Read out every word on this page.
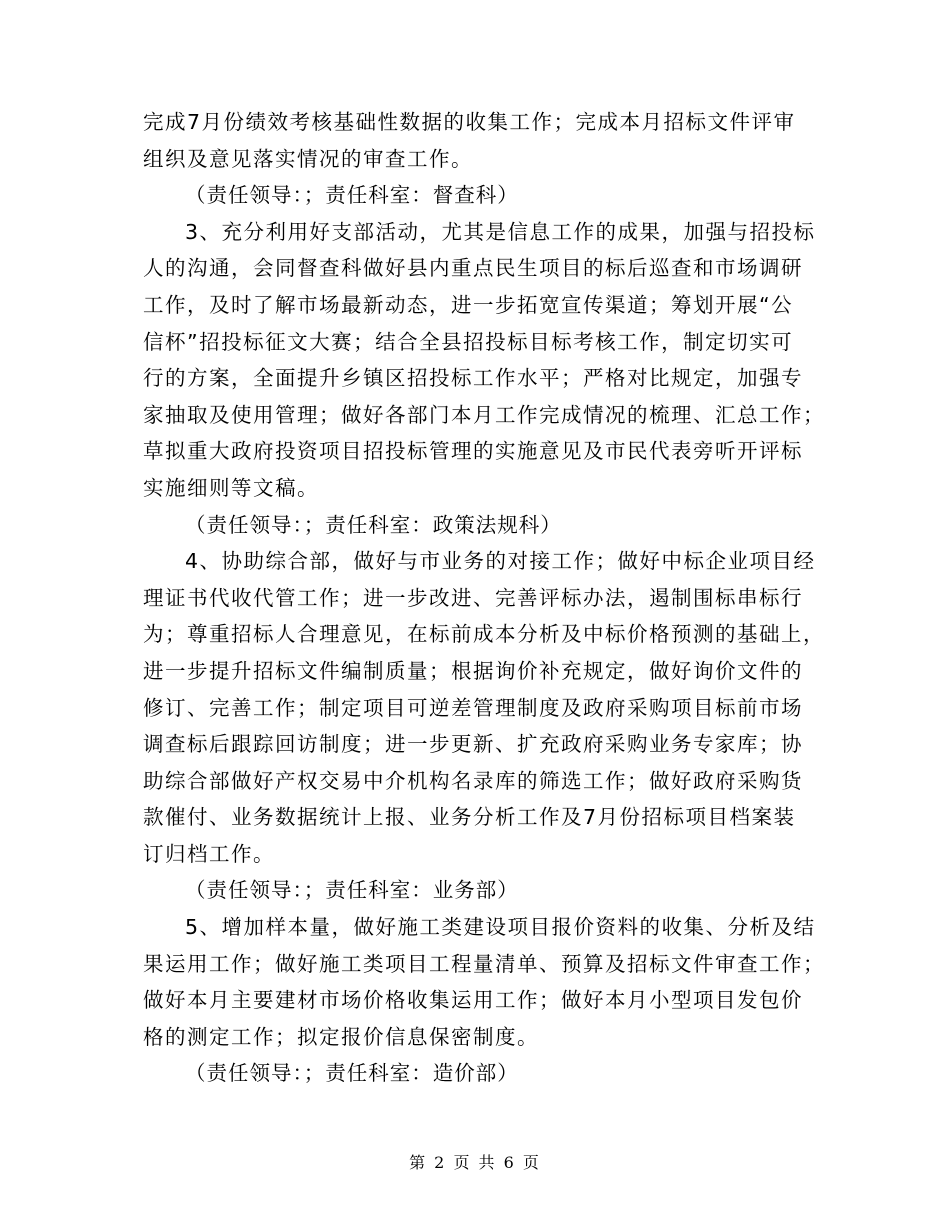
完成7月份绩效考核基础性数据的收集工作；完成本月招标文件评审
组织及意见落实情况的审查工作。
（责任领导：；责任科室：督查科）
3、充分利用好支部活动，尤其是信息工作的成果，加强与招投标
人的沟通，会同督查科做好县内重点民生项目的标后巡查和市场调研
工作，及时了解市场最新动态，进一步拓宽宣传渠道；筹划开展“公
信杯”招投标征文大赛；结合全县招投标目标考核工作，制定切实可
行的方案，全面提升乡镇区招投标工作水平；严格对比规定，加强专
家抽取及使用管理；做好各部门本月工作完成情况的梳理、汇总工作；
草拟重大政府投资项目招投标管理的实施意见及市民代表旁听开评标
实施细则等文稿。
（责任领导：；责任科室：政策法规科）
4、协助综合部，做好与市业务的对接工作；做好中标企业项目经
理证书代收代管工作；进一步改进、完善评标办法，遏制围标串标行
为；尊重招标人合理意见，在标前成本分析及中标价格预测的基础上，
进一步提升招标文件编制质量；根据询价补充规定，做好询价文件的
修订、完善工作；制定项目可逆差管理制度及政府采购项目标前市场
调查标后跟踪回访制度；进一步更新、扩充政府采购业务专家库；协
助综合部做好产权交易中介机构名录库的筛选工作；做好政府采购货
款催付、业务数据统计上报、业务分析工作及7月份招标项目档案装
订归档工作。
（责任领导：；责任科室：业务部）
5、增加样本量，做好施工类建设项目报价资料的收集、分析及结
果运用工作；做好施工类项目工程量清单、预算及招标文件审查工作；
做好本月主要建材市场价格收集运用工作；做好本月小型项目发包价
格的测定工作；拟定报价信息保密制度。
（责任领导：；责任科室：造价部）
第 2 页 共 6 页
